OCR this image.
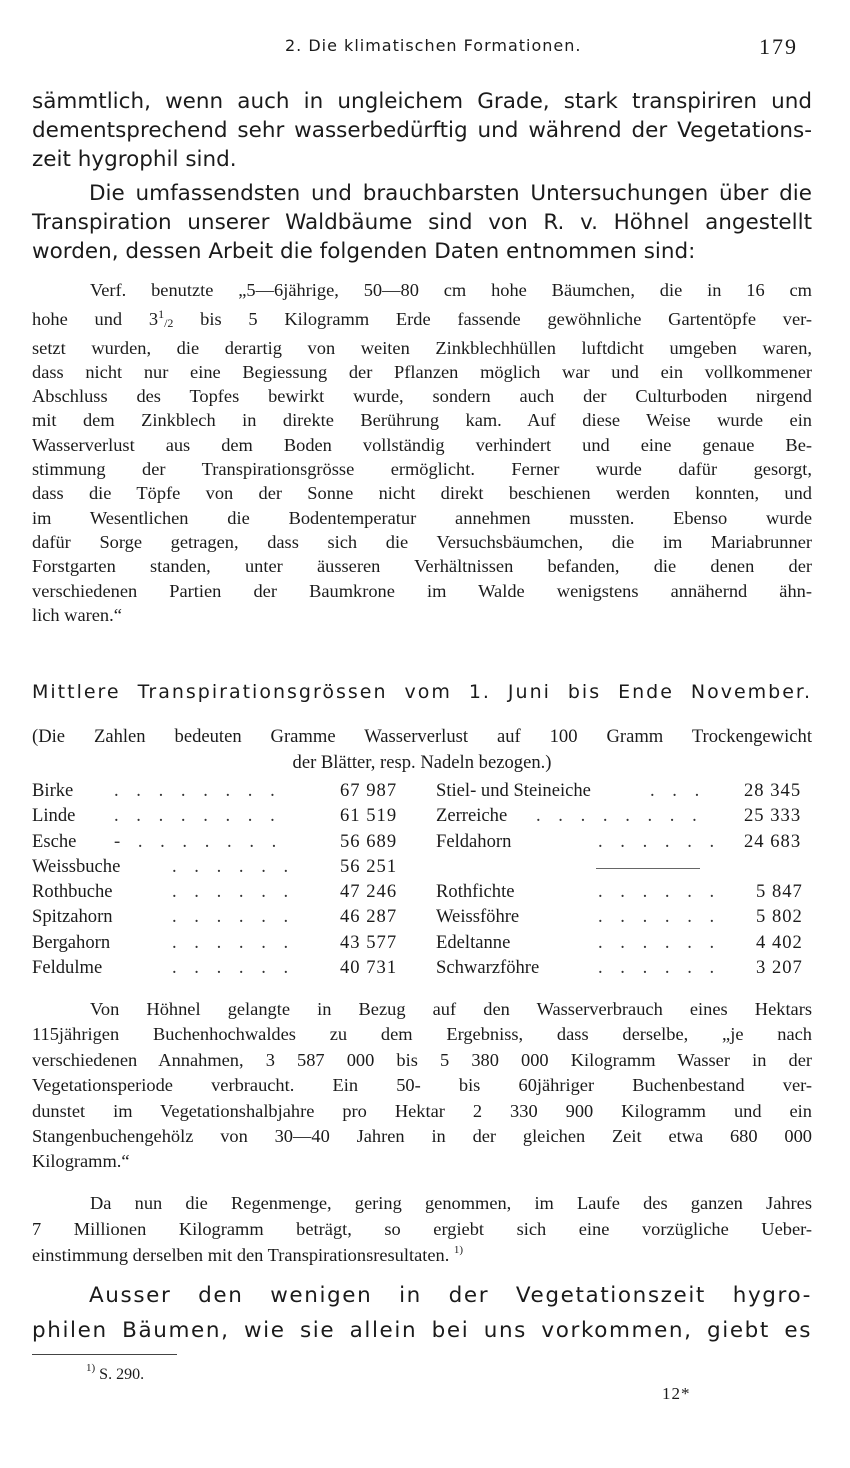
2. Die klimatischen Formationen.	179

sämmtlich, wenn auch in ungleichem Grade, stark transpiriren und
dementsprechend sehr wasserbedürftig und während der Vegetations-
zeit hygrophil sind.

Die umfassendsten und brauchbarsten Untersuchungen über die
Transpiration unserer Waldbäume sind von R. v. Höhnel angestellt
worden, dessen Arbeit die folgenden Daten entnommen sind:

Verf. benutzte „5—6jährige, 50—80 cm hohe Bäumchen, die in 16 cm
hohe und $3^1/2$ bis 5 Kilogramm Erde fassende gewöhnliche Gartentöpfe ver-
setzt wurden, die derartig von weiten Zinkblechhüllen luftdicht umgeben waren,
dass nicht nur eine Begiessung der Pflanzen möglich war und ein vollkommener
Abschluss des Topfes bewirkt wurde, sondern auch der Culturboden nirgend
mit dem Zinkblech in direkte Berührung kam. Auf diese Weise wurde ein
Wasserverlust aus dem Boden vollständig verhindert und eine genaue Be-
stimmung der Transpirationsgrösse ermöglicht. Ferner wurde dafür gesorgt,
dass die Töpfe von der Sonne nicht direkt beschienen werden konnten, und
im Wesentlichen die Bodentemperatur annehmen mussten. Ebenso wurde
dafür Sorge getragen, dass sich die Versuchsbäumchen, die im Mariabrunner
Forstgarten standen, unter äusseren Verhältnissen befanden, die denen der
verschiedenen Partien der Baumkrone im Walde wenigstens annähernd ähn-
lich waren.“

Mittlere Transpirationsgrössen vom 1. Juni bis Ende November.
(Die Zahlen bedeuten Gramme Wasserverlust auf 100 Gramm Trockengewicht
der Blätter, resp. Nadeln bezogen.)
Birke . . . . . . . .	67 987 Stiel- und Steineiche	. . . 28 345
Linde . . . . . . . .	61 519 Zerreiche . . . . . . . . 25 333
Esche - . . . . . . .	56 689 Feldahorn	. . . . . . 24 683
Weissbuche	. . . . . . 56 251
Rothbuche	. . . . . . 47 246 Rothfichte	. . . . . . 5 847
Spitzahorn	. . . . . . 46 287 Weissföhre	. . . . . . 5 802
Bergahorn	. . . . . . 43 577 Edeltanne	. . . . . . 4 402
Feldulme	. . . . . . 40 731 Schwarzföhre	. . . . . . 3 207

Von Höhnel gelangte in Bezug auf den Wasserverbrauch eines Hektars
115jährigen Buchenhochwaldes zu dem Ergebniss, dass derselbe, „je nach
verschiedenen Annahmen, 3 587 000 bis 5 380 000 Kilogramm Wasser in der
Vegetationsperiode verbraucht. Ein 50- bis 60jähriger Buchenbestand ver-
dunstet im Vegetationshalbjahre pro Hektar 2 330 900 Kilogramm und ein
Stangenbuchengehölz von 30—40 Jahren in der gleichen Zeit etwa 680 000
Kilogramm.“

Da nun die Regenmenge, gering genommen, im Laufe des ganzen Jahres
7 Millionen Kilogramm beträgt, so ergiebt sich eine vorzügliche Ueber-
einstimmung derselben mit den Transpirationsresultaten. $^{1)}$

Ausser den wenigen in der Vegetationszeit hygro-
philen Bäumen, wie sie allein bei uns vorkommen, giebt es

$^{1)}$ S. 290.
12*
